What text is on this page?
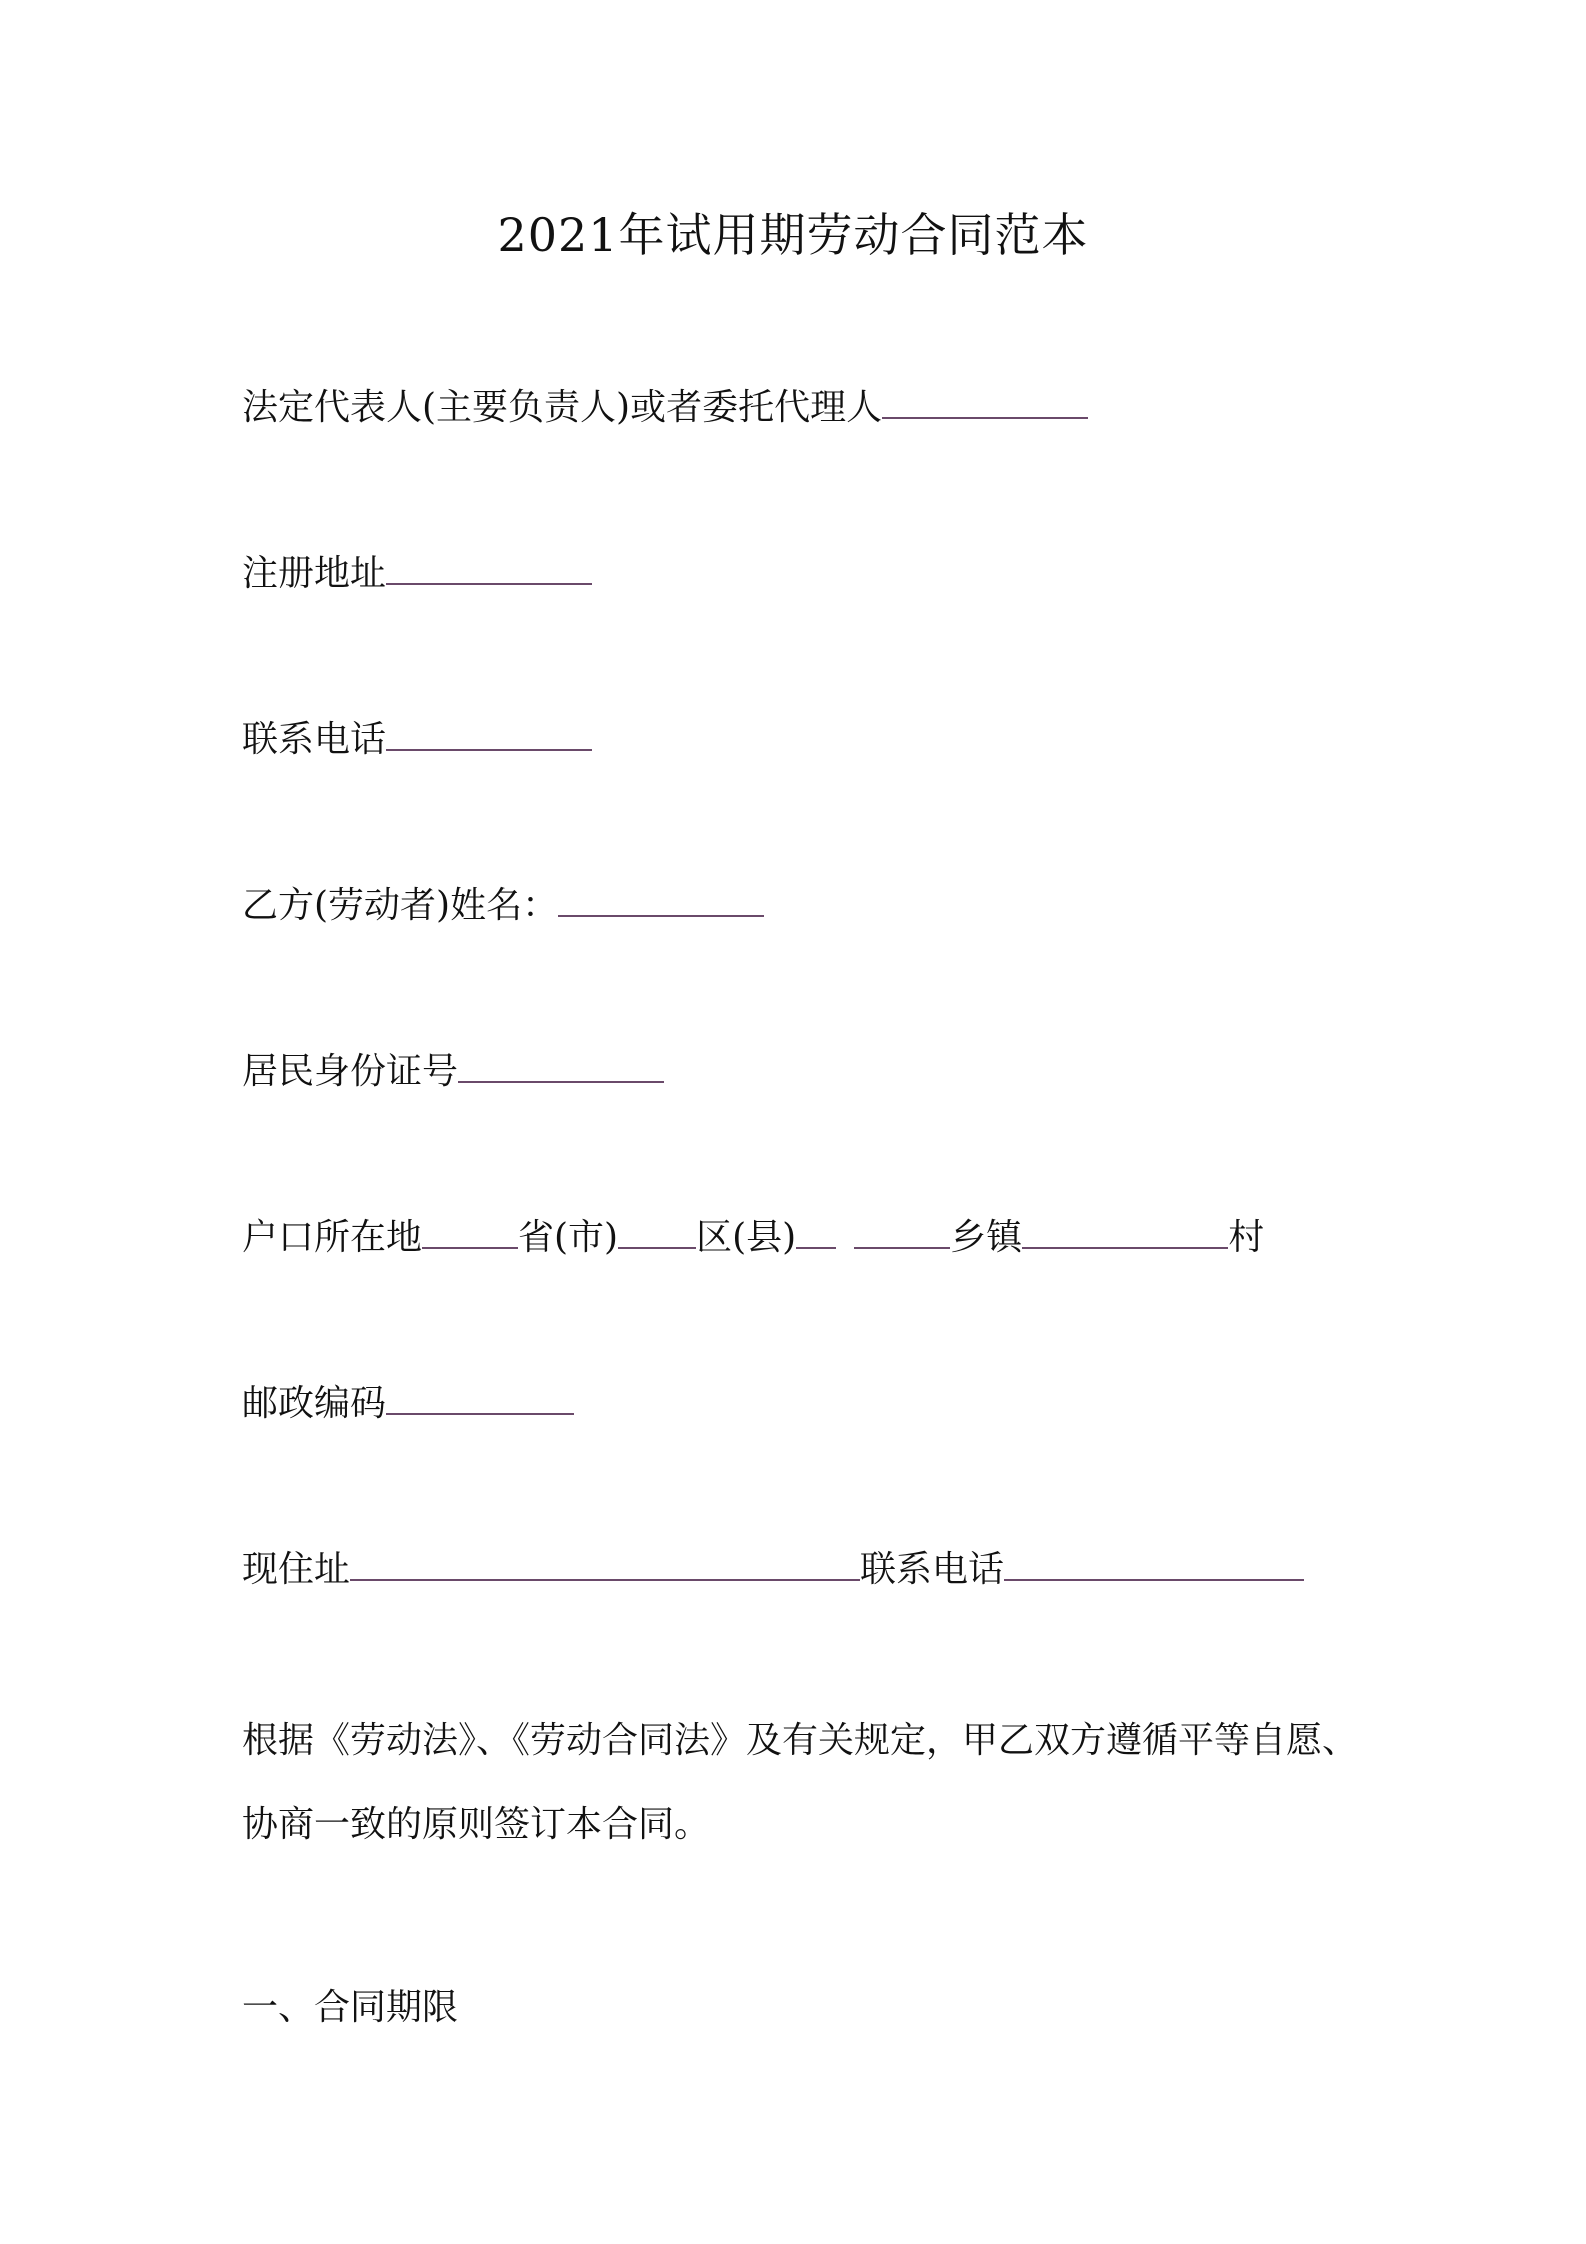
2021年试用期劳动合同范本
法定代表人(主要负责人)或者委托代理人
注册地址
联系电话
乙方(劳动者)姓名：
居民身份证号
户口所在地	省(市) 区(县)	乡镇	村
邮政编码
现住址	联系电话
根据《劳动法》、《劳动合同法》及有关规定，甲乙双方遵循平等自愿、
协商一致的原则签订本合同。
一、合同期限
